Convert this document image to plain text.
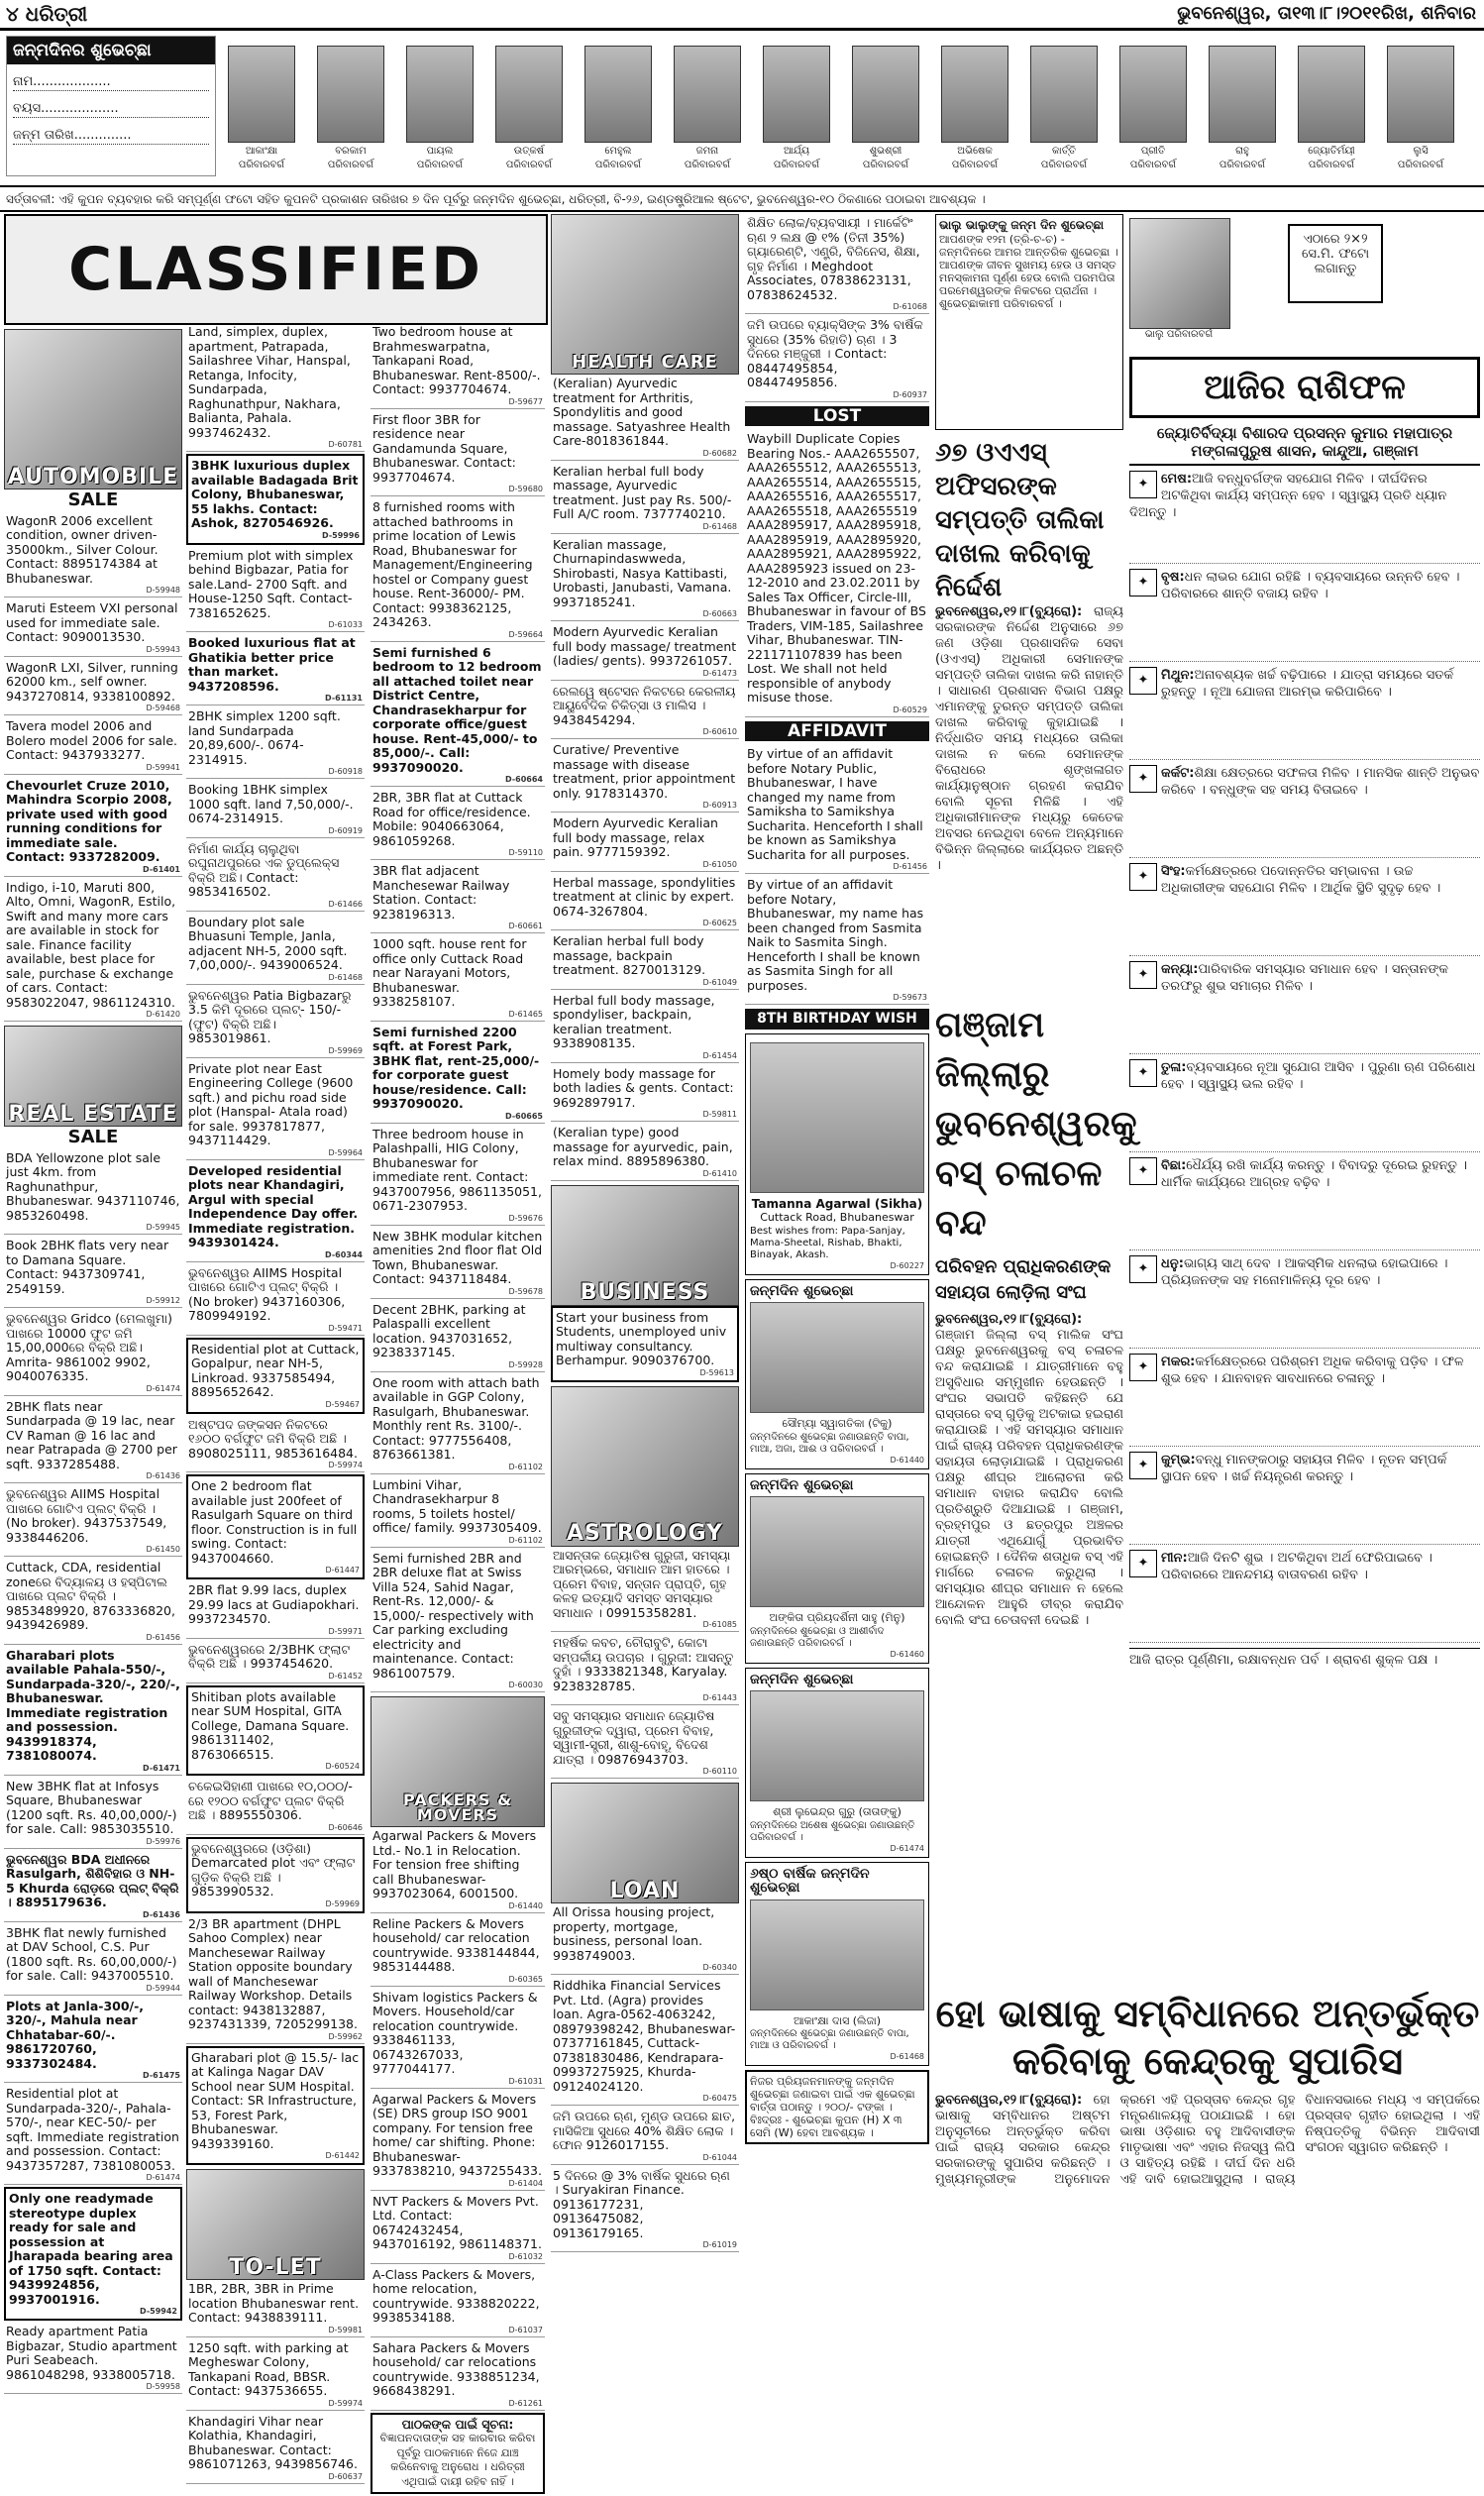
୪ ଧରିତ୍ରୀ	ଭୁବନେଶ୍ୱର, ତା୧୩।୮।୨୦୧୧ରିଖ, ଶନିବାର
ଜନ୍ମଦିନର ଶୁଭେଚ୍ଛା
ନାମ...................
ବୟସ...................
ଜନ୍ମ ତାରିଖ..............
ଆକାଂକ୍ଷା
ପରିବାରବର୍ଗ
ବରକାମ
ପରିବାରବର୍ଗ
ପାୟଲ
ପରିବାରବର୍ଗ
ଉତ୍କର୍ଷ
ପରିବାରବର୍ଗ
ମେହୁଲ
ପରିବାରବର୍ଗ
ଜମନା
ପରିବାରବର୍ଗ
ଆର୍ଯ୍ୟ
ପରିବାରବର୍ଗ
ଶୁଭଶ୍ରୀ
ପରିବାରବର୍ଗ
ଅଭିଷେକ
ପରିବାରବର୍ଗ
କାର୍ତ୍ତି
ପରିବାରବର୍ଗ
ପ୍ରୀତି
ପରିବାରବର୍ଗ
ରାହୁ
ପରିବାରବର୍ଗ
ଜ୍ୟୋତିର୍ମୟୀ
ପରିବାରବର୍ଗ
ଲୁସି
ପରିବାରବର୍ଗ
ସର୍ତ୍ତାବଳୀ: ଏହି କୁପନ ବ୍ୟବହାର କରି ସମ୍ପୂର୍ଣ୍ଣ ଫଟୋ ସହିତ କୁପନଟି ପ୍ରକାଶନ ତାରିଖର ୭ ଦିନ ପୂର୍ବରୁ ଜନ୍ମଦିନ ଶୁଭେଚ୍ଛା, ଧରିତ୍ରୀ, ବି-୨୬, ଇଣ୍ଡଷ୍ଟ୍ରିଆଲ ଷ୍ଟେଟ, ଭୁବନେଶ୍ୱର-୧୦ ଠିକଣାରେ ପଠାଇବା ଆବଶ୍ୟକ ।
CLASSIFIED
AUTOMOBILE
SALE
WagonR 2006 excellent condition, owner driven-35000km., Silver Colour. Contact: 8895174384 at Bhubaneswar.
D-59948
Maruti Esteem VXI personal used for immediate sale. Contact: 9090013530.
D-59943
WagonR LXI, Silver, running 62000 km., self owner. 9437270814, 9338100892.
D-59468
Tavera model 2006 and Bolero model 2006 for sale. Contact: 9437933277.
D-59941
Chevourlet Cruze 2010, Mahindra Scorpio 2008, private used with good running conditions for immediate sale. Contact: 9337282009.
D-61401
Indigo, i-10, Maruti 800, Alto, Omni, WagonR, Estilo, Swift and many more cars are available in stock for sale. Finance facility available, best place for sale, purchase & exchange of cars. Contact: 9583022047, 9861124310.
D-61420
REAL ESTATE
SALE
BDA Yellowzone plot sale just 4km. from Raghunathpur, Bhubaneswar. 9437110746, 9853260498.
D-59945
Book 2BHK flats very near to Damana Square. Contact: 9437309741, 2549159.
D-59912
ଭୁବନେଶ୍ୱର Gridco (ମେଲଖୁମା) ପାଖରେ 10000 ଫୁଟ ଜମି 15,00,000ରେ ବିକ୍ରି ଅଛି। Amrita- 9861002 9902, 9040076335.
D-61474
2BHK flats near Sundarpada @ 19 lac, near CV Raman @ 16 lac and near Patrapada @ 2700 per sqft. 9337285488.
D-61436
ଭୁବନେଶ୍ୱର AIIMS Hospital ପାଖରେ ଗୋଟିଏ ପ୍ଲଟ୍ ବିକ୍ରି । (No broker). 9437537549, 9338446206.
D-61450
Cuttack, CDA, residential zoneରେ ବିଦ୍ୟାଳୟ ଓ ହସ୍ପିଟାଲ ପାଖରେ ପ୍ଲଟ ବିକ୍ରି । 9853489920, 8763336820, 9439426989.
D-61456
Gharabari plots available Pahala-550/-, Sundarpada-320/-, 220/-, Bhubaneswar. Immediate registration and possession. 9439918374, 7381080074.
D-61471
New 3BHK flat at Infosys Square, Bhubaneswar (1200 sqft. Rs. 40,00,000/-) for sale. Call: 9853035510.
D-59976
ଭୁବନେଶ୍ୱର BDA ଅଧୀନରେ Rasulgarh, ଶିଶିବିହାର ଓ NH-5 Khurda ରୋଡ଼ରେ ପ୍ଲଟ୍ ବିକ୍ରି । 8895179636.
D-61436
3BHK flat newly furnished at DAV School, C.S. Pur (1800 sqft. Rs. 60,00,000/-) for sale. Call: 9437005510.
D-59944
Plots at Janla-300/-, 320/-, Mahula near Chhatabar-60/-. 9861720760, 9337302484.
D-61475
Residential plot at Sundarpada-320/-, Pahala-570/-, near KEC-50/- per sqft. Immediate registration and possession. Contact: 9437357287, 7381080053.
D-61474
Only one readymade stereotype duplex ready for sale and possession at Jharapada bearing area of 1750 sqft. Contact: 9439924856, 9937001916.
D-59942
Ready apartment Patia Bigbazar, Studio apartment Puri Seabeach. 9861048298, 9338005718.
D-59958
Land, simplex, duplex, apartment, Patrapada, Sailashree Vihar, Hanspal, Retanga, Infocity, Sundarpada, Raghunathpur, Nakhara, Balianta, Pahala. 9937462432.
D-60781
3BHK luxurious duplex available Badagada Brit Colony, Bhubaneswar, 55 lakhs. Contact: Ashok, 8270546926.
D-59996
Premium plot with simplex behind Bigbazar, Patia for sale.Land- 2700 Sqft. and House-1250 Sqft. Contact- 7381652625.
D-61033
Booked luxurious flat at Ghatikia better price than market. 9437208596.
D-61131
2BHK simplex 1200 sqft. land Sundarpada 20,89,600/-. 0674-2314915.
D-60918
Booking 1BHK simplex 1000 sqft. land 7,50,000/-. 0674-2314915.
D-60919
ନିର୍ମାଣ କାର୍ଯ୍ୟ ଚାଲୁଥିବା ରଘୁନାଥପୁରରେ ଏକ ଡୁପ୍ଲେକ୍ସ ବିକ୍ରି ଅଛି। Contact: 9853416502.
D-61466
Boundary plot sale Bhuasuni Temple, Janla, adjacent NH-5, 2000 sqft. 7,00,000/-. 9439006524.
D-61468
ଭୁବନେଶ୍ୱର Patia Bigbazarରୁ 3.5 କିମି ଦୂରରେ ପ୍ଲଟ୍- 150/- (ଫୁଟ) ବିକ୍ରି ଅଛି। 9853019861.
D-59969
Private plot near East Engineering College (9600 sqft.) and pichu road side plot (Hanspal- Atala road) for sale. 9937817877, 9437114429.
D-59964
Developed residential plots near Khandagiri, Argul with special Independence Day offer. Immediate registration. 9439301424.
D-60344
ଭୁବନେଶ୍ୱର AIIMS Hospital ପାଖରେ ଗୋଟିଏ ପ୍ଲଟ୍ ବିକ୍ରି । (No broker) 9437160306, 7809949192.
D-59471
Residential plot at Cuttack, Gopalpur, near NH-5, Linkroad. 9337585494, 8895652642.
D-59467
ଅଷ୍ଟପଦ ଜଙ୍କସନ ନିକଟରେ ୧୬୦୦ ବର୍ଗଫୁଟ ଜମି ବିକ୍ରି ଅଛି । 8908025111, 9853616484.
D-59974
One 2 bedroom flat available just 200feet of Rasulgarh Square on third floor. Construction is in full swing. Contact: 9437004660.
D-61447
2BR flat 9.99 lacs, duplex 29.99 lacs at Gudiapokhari. 9937234570.
D-59971
ଭୁବନେଶ୍ୱରରେ 2/3BHK ଫ୍ଲାଟ ବିକ୍ରି ଅଛି । 9937454620.
D-61452
Shitiban plots available near SUM Hospital, GITA College, Damana Square. 9861311402, 8763066515.
D-60524
ଚକେଇସିହାଣୀ ପାଖରେ ୧୦,୦୦୦/- ରେ ୧୨୦୦ ବର୍ଗଫୁଟ ପ୍ଲଟ ବିକ୍ରି ଅଛି । 8895550306.
D-60646
ଭୁବନେଶ୍ୱରରେ (ଓଡ଼ିଶା) Demarcated plot ଏବଂ ଫ୍ଲାଟ ଗୁଡ଼ିକ ବିକ୍ରି ଅଛି । 9853990532.
D-59969
2/3 BR apartment (DHPL Sahoo Complex) near Manchesewar Railway Station opposite boundary wall of Manchesewar Railway Workshop. Details contact: 9438132887, 9237431339, 7205299138.
D-59962
Gharabari plot @ 15.5/- lac at Kalinga Nagar DAV School near SUM Hospital. Contact: SR Infrastructure, 53, Forest Park, Bhubaneswar. 9439339160.
D-61442
TO-LET
1BR, 2BR, 3BR in Prime location Bhubaneswar rent. Contact: 9438839111.
D-59981
1250 sqft. with parking at Megheswar Colony, Tankapani Road, BBSR. Contact: 9437536655.
D-59974
Khandagiri Vihar near Kolathia, Khandagiri, Bhubaneswar. Contact: 9861071263, 9439856746.
D-60637
Two bedroom house at Brahmeswarpatna, Tankapani Road, Bhubaneswar. Rent-8500/-. Contact: 9937704674.
D-59677
First floor 3BR for residence near Gandamunda Square, Bhubaneswar. Contact: 9937704674.
D-59680
8 furnished rooms with attached bathrooms in prime location of Lewis Road, Bhubaneswar for Management/Engineering hostel or Company guest house. Rent-36000/- PM. Contact: 9938362125, 2434263.
D-59664
Semi furnished 6 bedroom to 12 bedroom all attached toilet near District Centre, Chandrasekharpur for corporate office/guest house. Rent-45,000/- to 85,000/-. Call: 9937090020.
D-60664
2BR, 3BR flat at Cuttack Road for office/residence. Mobile: 9040663064, 9861059268.
D-59110
3BR flat adjacent Manchesewar Railway Station. Contact: 9238196313.
D-60661
1000 sqft. house rent for office only Cuttack Road near Narayani Motors, Bhubaneswar. 9338258107.
D-61465
Semi furnished 2200 sqft. at Forest Park, 3BHK flat, rent-25,000/- for corporate guest house/residence. Call: 9937090020.
D-60665
Three bedroom house in Palashpalli, HIG Colony, Bhubaneswar for immediate rent. Contact: 9437007956, 9861135051, 0671-2307953.
D-59676
New 3BHK modular kitchen amenities 2nd floor flat Old Town, Bhubaneswar. Contact: 9437118484.
D-59678
Decent 2BHK, parking at Palaspalli excellent location. 9437031652, 9238337145.
D-59928
One room with attach bath available in GGP Colony, Rasulgarh, Bhubaneswar. Monthly rent Rs. 3100/-. Contact: 9777556408, 8763661381.
D-61102
Lumbini Vihar, Chandrasekharpur 8 rooms, 5 toilets hostel/ office/ family. 9937305409.
D-61102
Semi furnished 2BR and 2BR deluxe flat at Swiss Villa 524, Sahid Nagar, Rent-Rs. 12,000/- & 15,000/- respectively with Car parking excluding electricity and maintenance. Contact: 9861007579.
D-60030
PACKERS & MOVERS
Agarwal Packers & Movers Ltd.- No.1 in Relocation. For tension free shifting call Bhubaneswar- 9937023064, 6001500.
D-61440
Reline Packers & Movers household/ car relocation countrywide. 9338144844, 9853144488.
D-60365
Shivam logistics Packers & Movers. Household/car relocation countrywide. 9338461133, 06743267033, 9777044177.
D-61031
Agarwal Packers & Movers (SE) DRS group ISO 9001 company. For tension free home/ car shifting. Phone: Bhubaneswar- 9337838210, 9437255433.
D-61404
NVT Packers & Movers Pvt. Ltd. Contact: 06742432454, 9437016192, 9861148371.
D-61032
A-Class Packers & Movers, home relocation, countrywide. 9338820222, 9938534188.
D-61037
Sahara Packers & Movers household/ car relocations countrywide. 9338851234, 9668438291.
D-61261
ପାଠକଙ୍କ ପାଇଁ ସୂଚନା:
ବିଜ୍ଞାପନଦାତାଙ୍କ ସହ କାରବାର କରିବା ପୂର୍ବରୁ ପାଠକମାନେ ନିଜେ ଯାଞ୍ଚ କରିନେବାକୁ ଅନୁରୋଧ । ଧରିତ୍ରୀ ଏଥିପାଇଁ ଦାୟୀ ରହିବ ନାହିଁ ।
HEALTH CARE
(Keralian) Ayurvedic treatment for Arthritis, Spondylitis and good massage. Satyashree Health Care-8018361844.
D-60682
Keralian herbal full body massage, Ayurvedic treatment. Just pay Rs. 500/- Full A/C room. 7377740210.
D-61468
Keralian massage, Churnapindaswweda, Shirobasti, Nasya Kattibasti, Urobasti, Janubasti, Vamana. 9937185241.
D-60663
Modern Ayurvedic Keralian full body massage/ treatment (ladies/ gents). 9937261057.
D-61473
ରେଲୱେ ଷ୍ଟେସନ ନିକଟରେ କେରଳୀୟ ଆୟୁର୍ବେଦିକ ଚିକିତ୍ସା ଓ ମାଲିସ । 9438454294.
D-60610
Curative/ Preventive massage with disease treatment, prior appointment only. 9178314370.
D-60913
Modern Ayurvedic Keralian full body massage, relax pain. 9777159392.
D-61050
Herbal massage, spondylities treatment at clinic by expert. 0674-3267804.
D-60625
Keralian herbal full body massage, backpain treatment. 8270013129.
D-61049
Herbal full body massage, spondyliser, backpain, keralian treatment. 9338908135.
D-61454
Homely body massage for both ladies & gents. Contact: 9692897917.
D-59811
(Keralian type) good massage for ayurvedic, pain, relax mind. 8895896380.
D-61410
BUSINESS
Start your business from Students, unemployed univ multiway consultancy. Berhampur. 9090376700.
D-59613
ASTROLOGY
ଆସନ୍ତାକ ଜ୍ୟୋତିଷ ଗୁରୁଜୀ, ସମସ୍ୟା ଆରମ୍ଭରେ, ସମାଧାନ ଆମ ହାତରେ । ପ୍ରେମ ବିବାହ, ସନ୍ତାନ ପ୍ରାପ୍ତି, ଗୃହ କଳହ ଇତ୍ୟାଦି ସମସ୍ତ ସମସ୍ୟାର ସମାଧାନ । 09915358281.
D-61085
ମହର୍ଷିକ କବଚ, ଚୌରାବୁଟି, କୋଟା ସମ୍ପର୍କୀୟ ଉପଚାର । ଗୁରୁଜୀ: ଆସନ୍ତୁ ଦୁହାଁ । 9333821348, Karyalay. 9238328785.
D-61443
ସବୁ ସମସ୍ୟାର ସମାଧାନ ଜ୍ୟୋତିଷ ଗୁରୁଜୀଙ୍କ ଦ୍ୱାରା, ପ୍ରେମ ବିବାହ, ସ୍ୱାମୀ-ସ୍ତ୍ରୀ, ଶାଶୁ-ବୋହୂ, ବିଦେଶ ଯାତ୍ରା । 09876943703.
D-60110
LOAN
All Orissa housing project, property, mortgage, business, personal loan. 9938749003.
D-60340
Riddhika Financial Services Pvt. Ltd. (Agra) provides loan. Agra-0562-4063242, 08979398242, Bhubaneswar- 07377161845, Cuttack- 07381830486, Kendrapara- 09937275925, Khurda- 09124024120.
D-60475
ଜମି ଉପରେ ଋଣ, ମୁଣ୍ଡ ଉପରେ ଛାତ, ମାସିକିଆ ସୁଧରେ 40% ଶିକ୍ଷିତ ଲୋକ । ଫୋନ 9126017155.
D-61044
5 ଦିନରେ @ 3% ବାର୍ଷିକ ସୁଧରେ ଋଣ । Suryakiran Finance. 09136177231, 09136475082, 09136179165.
D-61019
ଶିକ୍ଷିତ ଲୋକ/ବ୍ୟବସାୟୀ । ମାର୍କେଟିଂ ଋଣ ୨ ଲକ୍ଷ @ ୧% (ତିନୀ 35%) ଗ୍ୟାରେଣ୍ଟି, ଏଣ୍ଟ୍ରି, ବିଜିନେସ, ଶିକ୍ଷା, ଗୃହ ନିର୍ମାଣ । Meghdoot Associates, 07838623131, 07838624532.
D-61068
ଜମି ଉପରେ ବ୍ୟାକ୍ସିଙ୍କ 3% ବାର୍ଷିକ ସୁଧରେ (35% ରିହାତି) ଋଣ । 3 ଦିନରେ ମଞ୍ଜୁରୀ । Contact: 08447495854, 08447495856.
D-60937
LOST
Waybill Duplicate Copies Bearing Nos.- AAA2655507, AAA2655512, AAA2655513, AAA2655514, AAA2655515, AAA2655516, AAA2655517, AAA2655518, AAA2655519 AAA2895917, AAA2895918, AAA2895919, AAA2895920, AAA2895921, AAA2895922, AAA2895923 issued on 23-12-2010 and 23.02.2011 by Sales Tax Officer, Circle-III, Bhubaneswar in favour of BS Traders, VIM-185, Sailashree Vihar, Bhubaneswar. TIN-221171107839 has been Lost. We shall not held responsible of anybody misuse those.
D-60529
AFFIDAVIT
By virtue of an affidavit before Notary Public, Bhubaneswar, I have changed my name from Samiksha to Samikshya Sucharita. Henceforth I shall be known as Samikshya Sucharita for all purposes.
D-61456
By virtue of an affidavit before Notary, Bhubaneswar, my name has been changed from Sasmita Naik to Sasmita Singh. Henceforth I shall be known as Sasmita Singh for all purposes.
D-59673
8TH BIRTHDAY WISH
Tamanna Agarwal (Sikha)
Cuttack Road, Bhubaneswar
Best wishes from: Papa-Sanjay, Mama-Sheetal, Rishab, Bhakti, Binayak, Akash.
D-60227
ଜନ୍ମଦିନ ଶୁଭେଚ୍ଛା
ସୌମ୍ୟା ସ୍ୱାଗତିକା (ଟିକୁ)
ଜନ୍ମଦିନରେ ଶୁଭେଚ୍ଛା ଜଣାଉଛନ୍ତି ବାପା, ମାଆ, ଅଜା, ଆଈ ଓ ପରିବାରବର୍ଗ ।
D-61440
ଜନ୍ମଦିନ ଶୁଭେଚ୍ଛା
ଅଙ୍କିତା ପ୍ରିୟଦର୍ଶିନୀ ସାହୁ (ମିନୁ)
ଜନ୍ମଦିନରେ ଶୁଭେଚ୍ଛା ଓ ଆଶୀର୍ବାଦ ଜଣାଉଛନ୍ତି ପରିବାରବର୍ଗ ।
D-61460
ଜନ୍ମଦିନ ଶୁଭେଚ୍ଛା
ଶ୍ରୀ ଲୁଭେନ୍ଦ୍ର ଗୁରୁ (ତାତାଙ୍କୁ)
ଜନ୍ମଦିନରେ ଅଶେଷ ଶୁଭେଚ୍ଛା ଜଣାଉଛନ୍ତି ପରିବାରବର୍ଗ ।
D-61474
୬ଷ୍ଠ ବାର୍ଷିକ ଜନ୍ମଦିନ ଶୁଭେଚ୍ଛା
ଆକାଂକ୍ଷା ଦାସ (ଲିଜା)
ଜନ୍ମଦିନରେ ଶୁଭେଚ୍ଛା ଜଣାଉଛନ୍ତି ବାପା, ମାଆ ଓ ପରିବାରବର୍ଗ ।
D-61468
ନିଜର ପ୍ରିୟଜନମାନଙ୍କୁ ଜନ୍ମଦିନ ଶୁଭେଚ୍ଛା ଜଣାଇବା ପାଇଁ ଏକ ଶୁଭେଚ୍ଛା ବାର୍ତ୍ତା ପଠାନ୍ତୁ । ୨୦୦/- ଟଙ୍କା । ବିଃଦ୍ରଃ - ଶୁଭେଚ୍ଛା କୁପନ (H) X ୩ ସେମି (W) ହେବା ଆବଶ୍ୟକ ।
ଭାଲୁ ଭାଲୁଙ୍କୁ ଜନ୍ମ ଦିନ ଶୁଭେଚ୍ଛା
ଆପଣଙ୍କ ୧୨ମ (ତ୍ରି-ଚ-ଚ) - ଜନ୍ମଦିନରେ ଆମର ଆନ୍ତରିକ ଶୁଭେଚ୍ଛା । ଆପଣଙ୍କ ଜୀବନ ସୁଖମୟ ହେଉ ଓ ସମସ୍ତ ମନସ୍କାମନା ପୂର୍ଣ୍ଣ ହେଉ ବୋଲି ପରମପିତା ପରମେଶ୍ୱରଙ୍କ ନିକଟରେ ପ୍ରାର୍ଥନା । ଶୁଭେଚ୍ଛାକାମୀ ପରିବାରବର୍ଗ ।
ଭାଲୁ ପରିବାରବର୍ଗ
ଏଠାରେ ୨×୨ ସେ.ମି. ଫଟୋ ଲଗାନ୍ତୁ
୬୭ ଓଏଏସ୍ ଅଫିସରଙ୍କ ସମ୍ପତ୍ତି ତାଲିକା ଦାଖଲ କରିବାକୁ ନିର୍ଦ୍ଦେଶ

ଭୁବନେଶ୍ୱର,୧୨।୮(ବ୍ୟୁରୋ): ରାଜ୍ୟ ସରକାରଙ୍କ ନିର୍ଦ୍ଦେଶ ଅନୁସାରେ ୬୭ ଜଣ ଓଡ଼ିଶା ପ୍ରଶାସନିକ ସେବା (ଓଏଏସ୍) ଅଧିକାରୀ ସେମାନଙ୍କ ସମ୍ପତ୍ତି ତାଲିକା ଦାଖଲ କରି ନାହାନ୍ତି । ସାଧାରଣ ପ୍ରଶାସନ ବିଭାଗ ପକ୍ଷରୁ ଏମାନଙ୍କୁ ତୁରନ୍ତ ସମ୍ପତ୍ତି ତାଲିକା ଦାଖଲ କରିବାକୁ କୁହାଯାଇଛି । ନିର୍ଦ୍ଧାରିତ ସମୟ ମଧ୍ୟରେ ତାଲିକା ଦାଖଲ ନ କଲେ ସେମାନଙ୍କ ବିରୋଧରେ ଶୃଙ୍ଖଳାଗତ କାର୍ଯ୍ୟାନୁଷ୍ଠାନ ଗ୍ରହଣ କରାଯିବ ବୋଲି ସୂଚନା ମିଳିଛି । ଏହି ଅଧିକାରୀମାନଙ୍କ ମଧ୍ୟରୁ କେତେକ ଅବସର ନେଇଥିବା ବେଳେ ଅନ୍ୟମାନେ ବିଭିନ୍ନ ଜିଲ୍ଲାରେ କାର୍ଯ୍ୟରତ ଅଛନ୍ତି ।

ଗଞ୍ଜାମ ଜିଲ୍ଲାରୁ ଭୁବନେଶ୍ୱରକୁ ବସ୍ ଚଳାଚଳ ବନ୍ଦ
ପରିବହନ ପ୍ରାଧିକରଣଙ୍କ ସହାୟତା ଲୋଡ଼ିଲା ସଂଘ

ଭୁବନେଶ୍ୱର,୧୨।୮(ବ୍ୟୁରୋ): ଗଞ୍ଜାମ ଜିଲ୍ଲା ବସ୍ ମାଲିକ ସଂଘ ପକ୍ଷରୁ ଭୁବନେଶ୍ୱରକୁ ବସ୍ ଚଳାଚଳ ବନ୍ଦ କରାଯାଇଛି । ଯାତ୍ରୀମାନେ ବହୁ ଅସୁବିଧାର ସମ୍ମୁଖୀନ ହେଉଛନ୍ତି । ସଂଘର ସଭାପତି କହିଛନ୍ତି ଯେ ରାସ୍ତାରେ ବସ୍ ଗୁଡ଼ିକୁ ଅଟକାଇ ହଇରାଣ କରାଯାଉଛି । ଏହି ସମସ୍ୟାର ସମାଧାନ ପାଇଁ ରାଜ୍ୟ ପରିବହନ ପ୍ରାଧିକରଣଙ୍କ ସହାୟତା ଲୋଡ଼ାଯାଇଛି । ପ୍ରାଧିକରଣ ପକ୍ଷରୁ ଶୀଘ୍ର ଆଲୋଚନା କରି ସମାଧାନ ବାହାର କରାଯିବ ବୋଲି ପ୍ରତିଶ୍ରୁତି ଦିଆଯାଇଛି । ଗଞ୍ଜାମ, ବ୍ରହ୍ମପୁର ଓ ଛତ୍ରପୁର ଅଞ୍ଚଳର ଯାତ୍ରୀ ଏଥିଯୋଗୁଁ ପ୍ରଭାବିତ ହୋଇଛନ୍ତି । ଦୈନିକ ଶତାଧିକ ବସ୍ ଏହି ମାର୍ଗରେ ଚଳାଚଳ କରୁଥିଲା । ସମସ୍ୟାର ଶୀଘ୍ର ସମାଧାନ ନ ହେଲେ ଆନ୍ଦୋଳନ ଆହୁରି ତୀବ୍ର କରାଯିବ ବୋଲି ସଂଘ ଚେତାବନୀ ଦେଇଛି ।

ଆଜିର ରାଶିଫଳ
ଜ୍ୟୋତିର୍ବିଦ୍ୟା ବିଶାରଦ ପ୍ରସନ୍ନ କୁମାର ମହାପାତ୍ର
ମଙ୍ଗଳାପୁରୁଷ ଶାସନ, କାନ୍ଦୁଆ, ଗଞ୍ଜାମ
✦ ମେଷ:ଆଜି ବନ୍ଧୁବର୍ଗଙ୍କ ସହଯୋଗ ମିଳିବ । ଦୀର୍ଘଦିନର ଅଟକିଥିବା କାର୍ଯ୍ୟ ସମ୍ପନ୍ନ ହେବ । ସ୍ୱାସ୍ଥ୍ୟ ପ୍ରତି ଧ୍ୟାନ ଦିଅନ୍ତୁ ।
✦ ବୃଷ:ଧନ ଲାଭର ଯୋଗ ରହିଛି । ବ୍ୟବସାୟରେ ଉନ୍ନତି ହେବ । ପରିବାରରେ ଶାନ୍ତି ବଜାୟ ରହିବ ।
✦ ମିଥୁନ:ଅନାବଶ୍ୟକ ଖର୍ଚ୍ଚ ବଢ଼ିପାରେ । ଯାତ୍ରା ସମୟରେ ସତର୍କ ରୁହନ୍ତୁ । ନୂଆ ଯୋଜନା ଆରମ୍ଭ କରିପାରିବେ ।
✦ କର୍କଟ:ଶିକ୍ଷା କ୍ଷେତ୍ରରେ ସଫଳତା ମିଳିବ । ମାନସିକ ଶାନ୍ତି ଅନୁଭବ କରିବେ । ବନ୍ଧୁଙ୍କ ସହ ସମୟ ବିତାଇବେ ।
✦ ସିଂହ:କର୍ମକ୍ଷେତ୍ରରେ ପଦୋନ୍ନତିର ସମ୍ଭାବନା । ଉଚ୍ଚ ଅଧିକାରୀଙ୍କ ସହଯୋଗ ମିଳିବ । ଆର୍ଥିକ ସ୍ଥିତି ସୁଦୃଢ଼ ହେବ ।
✦ କନ୍ୟା:ପାରିବାରିକ ସମସ୍ୟାର ସମାଧାନ ହେବ । ସନ୍ତାନଙ୍କ ତରଫରୁ ଶୁଭ ସମାଚାର ମିଳିବ ।
✦ ତୁଳା:ବ୍ୟବସାୟରେ ନୂଆ ସୁଯୋଗ ଆସିବ । ପୁରୁଣା ଋଣ ପରିଶୋଧ ହେବ । ସ୍ୱାସ୍ଥ୍ୟ ଭଲ ରହିବ ।
✦ ବିଛା:ଧୈର୍ଯ୍ୟ ରଖି କାର୍ଯ୍ୟ କରନ୍ତୁ । ବିବାଦରୁ ଦୂରେଇ ରୁହନ୍ତୁ । ଧାର୍ମିକ କାର୍ଯ୍ୟରେ ଆଗ୍ରହ ବଢ଼ିବ ।
✦ ଧନୁ:ଭାଗ୍ୟ ସାଥ୍ ଦେବ । ଆକସ୍ମିକ ଧନଲାଭ ହୋଇପାରେ । ପ୍ରିୟଜନଙ୍କ ସହ ମନୋମାଳିନ୍ୟ ଦୂର ହେବ ।
✦ ମକର:କର୍ମକ୍ଷେତ୍ରରେ ପରିଶ୍ରମ ଅଧିକ କରିବାକୁ ପଡ଼ିବ । ଫଳ ଶୁଭ ହେବ । ଯାନବାହନ ସାବଧାନରେ ଚଳାନ୍ତୁ ।
✦ କୁମ୍ଭ:ବନ୍ଧୁ ମାନଙ୍କଠାରୁ ସହାୟତା ମିଳିବ । ନୂତନ ସମ୍ପର୍କ ସ୍ଥାପନ ହେବ । ଖର୍ଚ୍ଚ ନିୟନ୍ତ୍ରଣ କରନ୍ତୁ ।
✦ ମୀନ:ଆଜି ଦିନଟି ଶୁଭ । ଅଟକିଥିବା ଅର୍ଥ ଫେରିପାଇବେ । ପରିବାରରେ ଆନନ୍ଦମୟ ବାତାବରଣ ରହିବ ।
ଆଜି ରାତ୍ର ପୂର୍ଣ୍ଣିମା, ରକ୍ଷାବନ୍ଧନ ପର୍ବ । ଶ୍ରାବଣ ଶୁକ୍ଳ ପକ୍ଷ ।
ହୋ ଭାଷାକୁ ସମ୍ବିଧାନରେ ଅନ୍ତର୍ଭୁକ୍ତ କରିବାକୁ କେନ୍ଦ୍ରକୁ ସୁପାରିସ

ଭୁବନେଶ୍ୱର,୧୨।୮(ବ୍ୟୁରୋ): ହୋ ଭାଷାକୁ ସମ୍ବିଧାନର ଅଷ୍ଟମ ଅନୁସୂଚୀରେ ଅନ୍ତର୍ଭୁକ୍ତ କରିବା ପାଇଁ ରାଜ୍ୟ ସରକାର କେନ୍ଦ୍ର ସରକାରଙ୍କୁ ସୁପାରିସ କରିଛନ୍ତି । ମୁଖ୍ୟମନ୍ତ୍ରୀଙ୍କ ଅନୁମୋଦନ କ୍ରମେ ଏହି ପ୍ରସ୍ତାବ କେନ୍ଦ୍ର ଗୃହ ମନ୍ତ୍ରଣାଳୟକୁ ପଠାଯାଇଛି । ହୋ ଭାଷା ଓଡ଼ିଶାର ବହୁ ଆଦିବାସୀଙ୍କ ମାତୃଭାଷା ଏବଂ ଏହାର ନିଜସ୍ୱ ଲିପି ଓ ସାହିତ୍ୟ ରହିଛି । ଦୀର୍ଘ ଦିନ ଧରି ଏହି ଦାବି ହୋଇଆସୁଥିଲା । ରାଜ୍ୟ ବିଧାନସଭାରେ ମଧ୍ୟ ଏ ସମ୍ପର୍କରେ ପ୍ରସ୍ତାବ ଗୃହୀତ ହୋଇଥିଲା । ଏହି ନିଷ୍ପତ୍ତିକୁ ବିଭିନ୍ନ ଆଦିବାସୀ ସଂଗଠନ ସ୍ୱାଗତ କରିଛନ୍ତି ।
